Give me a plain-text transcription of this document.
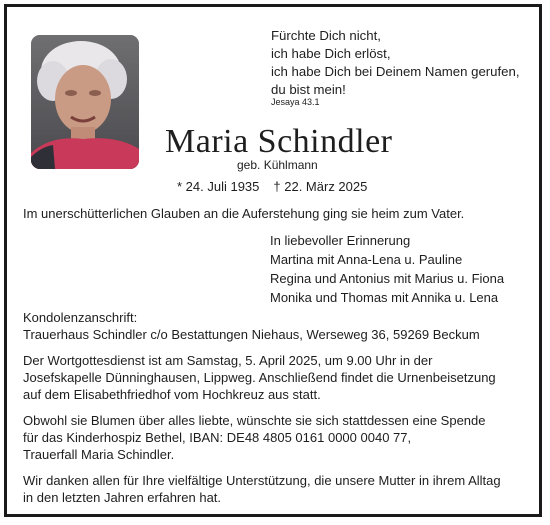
Fürchte Dich nicht,
ich habe Dich erlöst,
ich habe Dich bei Deinem Namen gerufen,
du bist mein!
Jesaya 43.1
Maria Schindler
geb. Kühlmann
* 24. Juli 1935 † 22. März 2025
Im unerschütterlichen Glauben an die Auferstehung ging sie heim zum Vater.
In liebevoller Erinnerung
Martina mit Anna-Lena u. Pauline
Regina und Antonius mit Marius u. Fiona
Monika und Thomas mit Annika u. Lena
Kondolenzanschrift:
Trauerhaus Schindler c/o Bestattungen Niehaus, Werseweg 36, 59269 Beckum
Der Wortgottesdienst ist am Samstag, 5. April 2025, um 9.00 Uhr in der
Josefskapelle Dünninghausen, Lippweg. Anschließend findet die Urnenbeisetzung
auf dem Elisabethfriedhof vom Hochkreuz aus statt.
Obwohl sie Blumen über alles liebte, wünschte sie sich stattdessen eine Spende
für das Kinderhospiz Bethel, IBAN: DE48 4805 0161 0000 0040 77,
Trauerfall Maria Schindler.
Wir danken allen für Ihre vielfältige Unterstützung, die unsere Mutter in ihrem Alltag
in den letzten Jahren erfahren hat.
